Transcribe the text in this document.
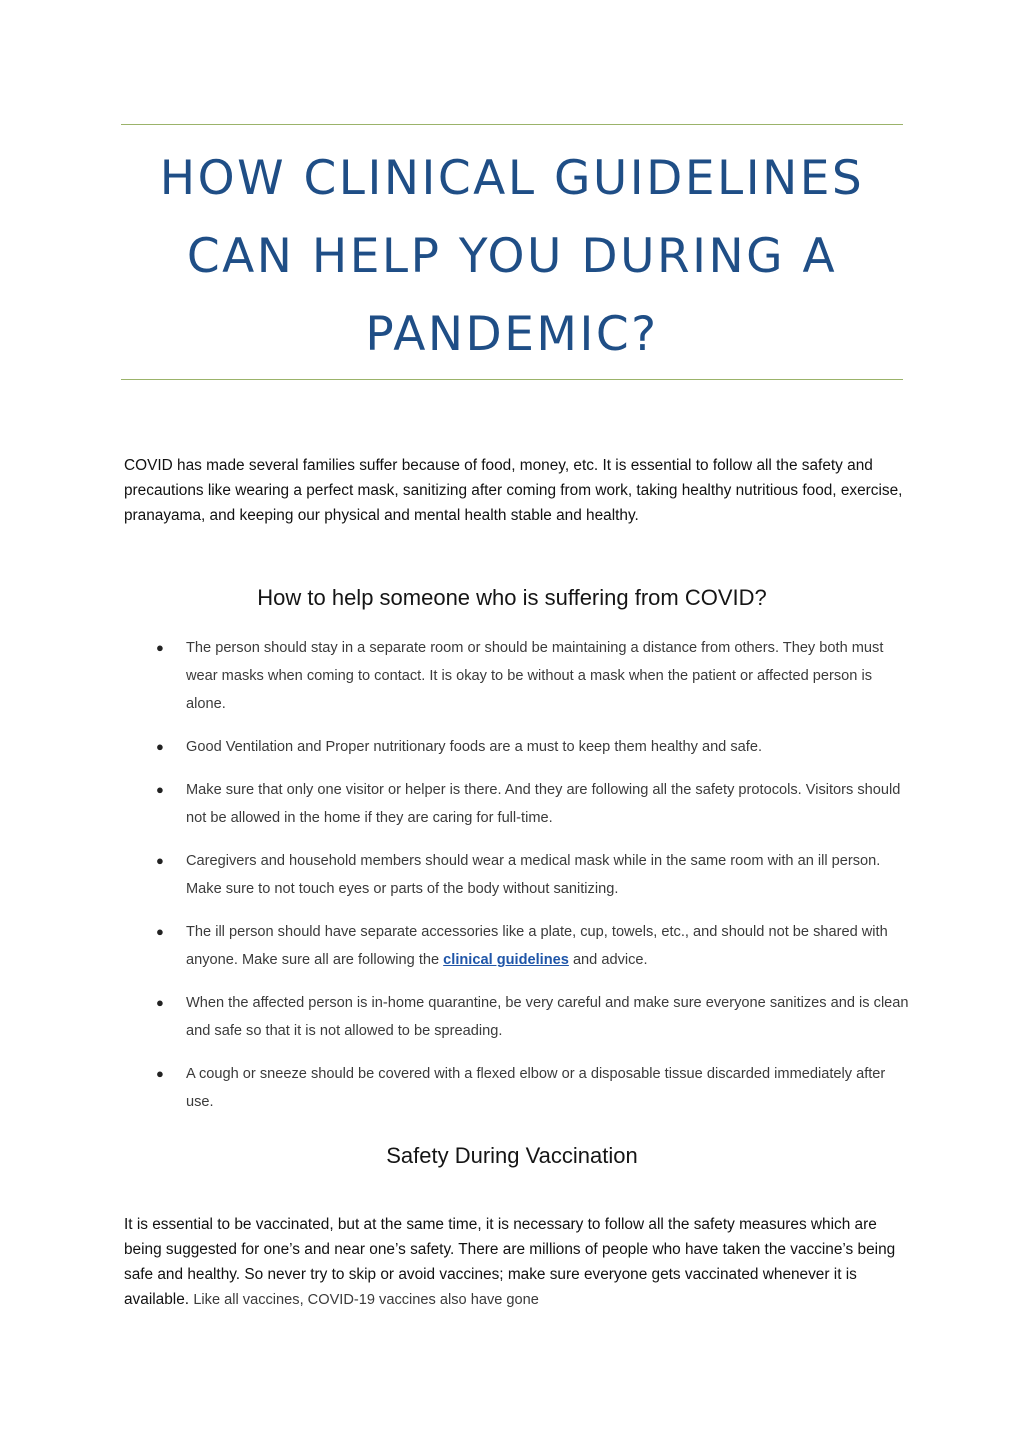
HOW CLINICAL GUIDELINES CAN HELP YOU DURING A PANDEMIC?

COVID has made several families suffer because of food, money, etc. It is essential to follow all the safety and precautions like wearing a perfect mask, sanitizing after coming from work, taking healthy nutritious food, exercise, pranayama, and keeping our physical and mental health stable and healthy.

How to help someone who is suffering from COVID?
● The person should stay in a separate room or should be maintaining a distance from others. They both must wear masks when coming to contact. It is okay to be without a mask when the patient or affected person is alone.
● Good Ventilation and Proper nutritionary foods are a must to keep them healthy and safe.
● Make sure that only one visitor or helper is there. And they are following all the safety protocols. Visitors should not be allowed in the home if they are caring for full-time.
● Caregivers and household members should wear a medical mask while in the same room with an ill person. Make sure to not touch eyes or parts of the body without sanitizing.
● The ill person should have separate accessories like a plate, cup, towels, etc., and should not be shared with anyone. Make sure all are following the clinical guidelines and advice.
● When the affected person is in-home quarantine, be very careful and make sure everyone sanitizes and is clean and safe so that it is not allowed to be spreading.
● A cough or sneeze should be covered with a flexed elbow or a disposable tissue discarded immediately after use.
Safety During Vaccination

It is essential to be vaccinated, but at the same time, it is necessary to follow all the safety measures which are being suggested for one’s and near one’s safety. There are millions of people who have taken the vaccine’s being safe and healthy. So never try to skip or avoid vaccines; make sure everyone gets vaccinated whenever it is available. Like all vaccines, COVID-19 vaccines also have gone
